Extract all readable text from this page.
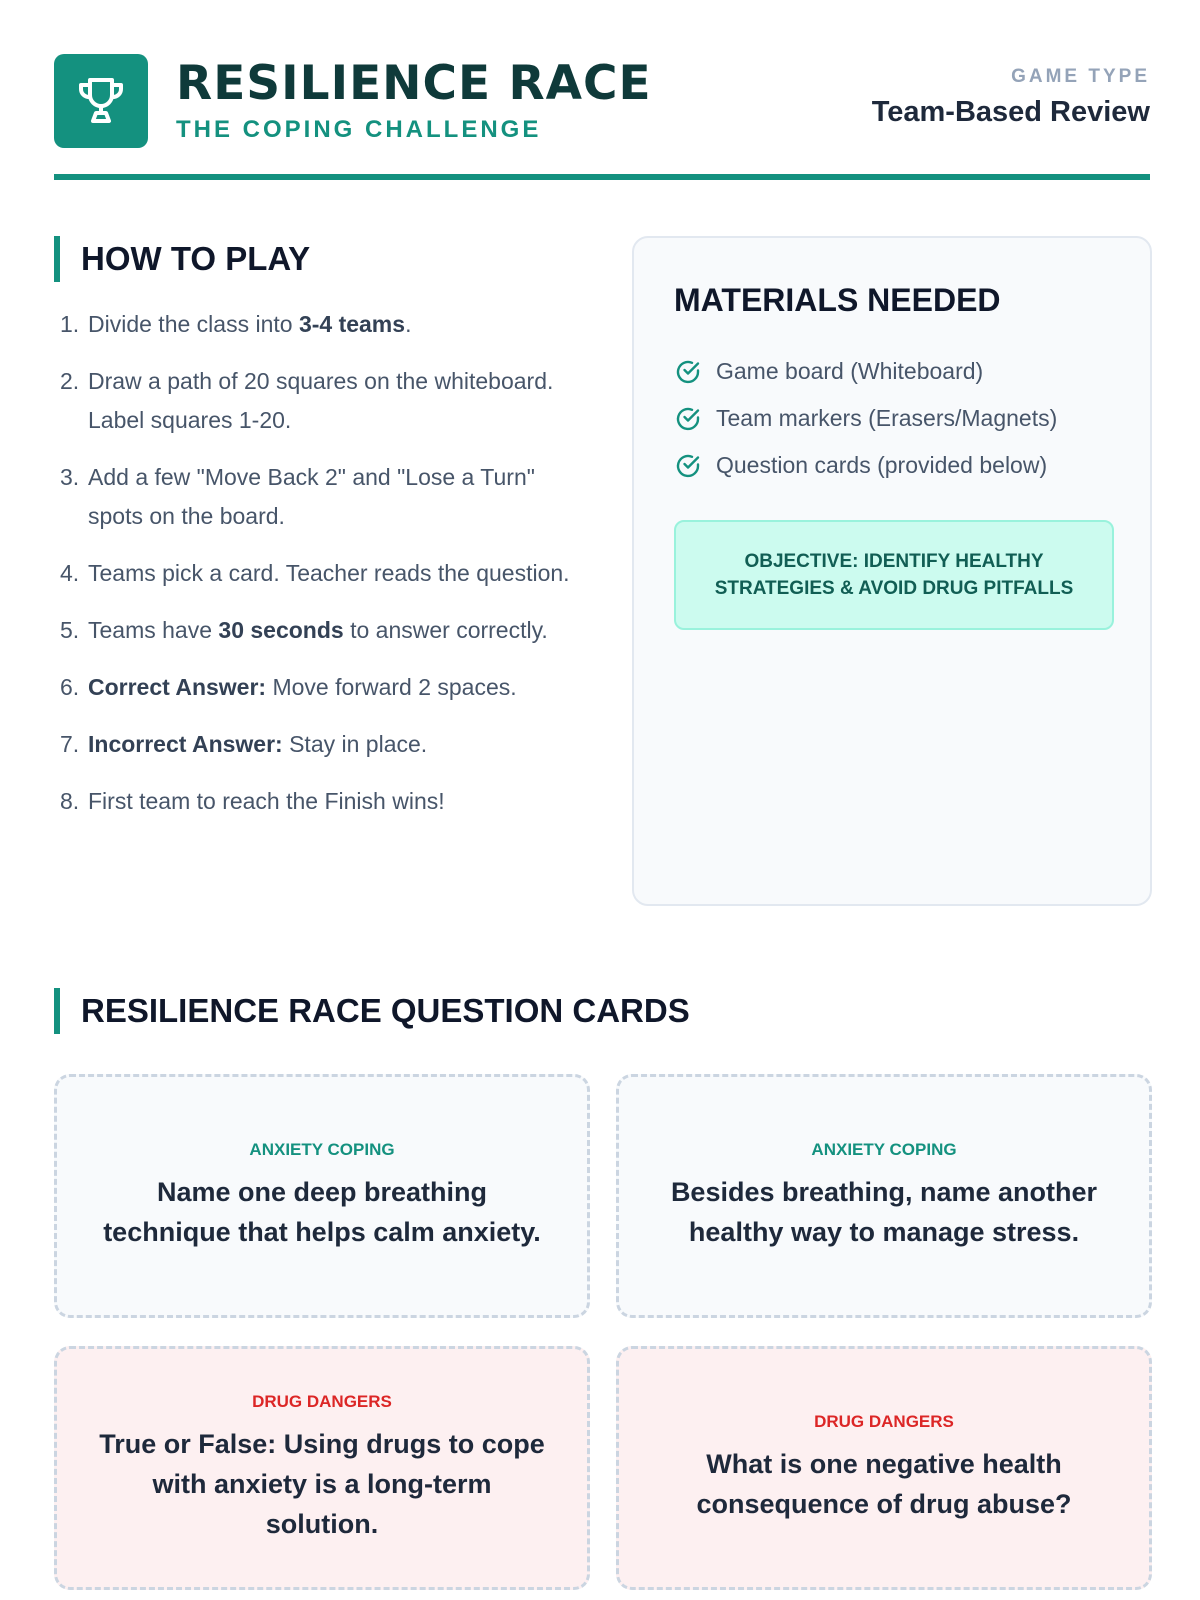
RESILIENCE RACE
THE COPING CHALLENGE
GAME TYPE
Team-Based Review
HOW TO PLAY
1. Divide the class into 3-4 teams.
2. Draw a path of 20 squares on the whiteboard. Label squares 1-20.
3. Add a few "Move Back 2" and "Lose a Turn" spots on the board.
4. Teams pick a card. Teacher reads the question.
5. Teams have 30 seconds to answer correctly.
6. Correct Answer: Move forward 2 spaces.
7. Incorrect Answer: Stay in place.
8. First team to reach the Finish wins!
MATERIALS NEEDED
Game board (Whiteboard)
Team markers (Erasers/Magnets)
Question cards (provided below)
OBJECTIVE: IDENTIFY HEALTHY STRATEGIES & AVOID DRUG PITFALLS
RESILIENCE RACE QUESTION CARDS
ANXIETY COPING
Name one deep breathing technique that helps calm anxiety.
ANXIETY COPING
Besides breathing, name another healthy way to manage stress.
DRUG DANGERS
True or False: Using drugs to cope with anxiety is a long-term solution.
DRUG DANGERS
What is one negative health consequence of drug abuse?
